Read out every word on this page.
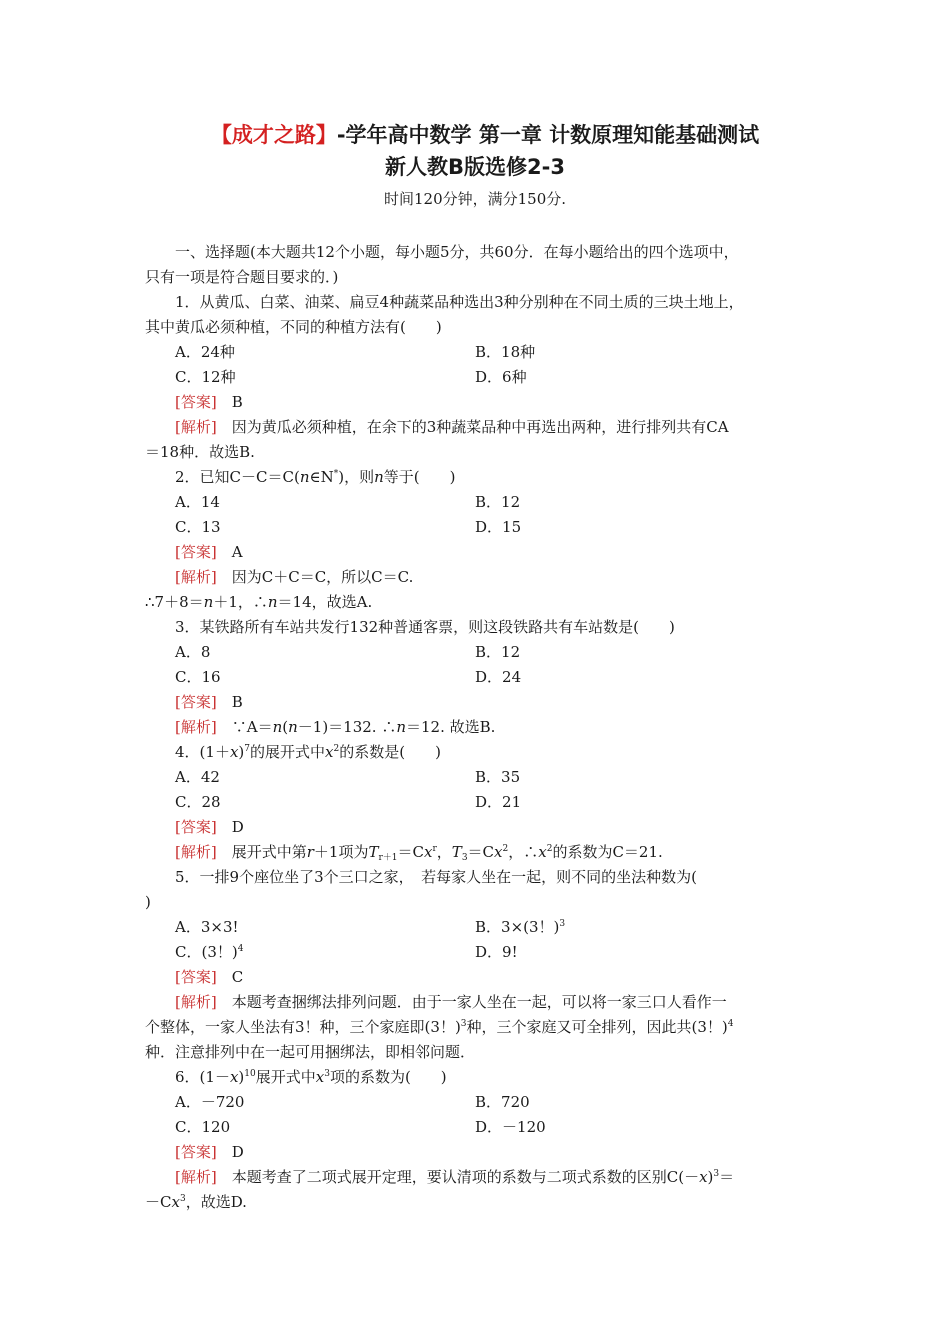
【成才之路】-学年高中数学 第一章 计数原理知能基础测试
新人教B版选修2-3
时间120分钟，满分150分.
一、选择题(本大题共12个小题，每小题5分，共60分．在每小题给出的四个选项中，
只有一项是符合题目要求的．)
1．从黄瓜、白菜、油菜、扁豆4种蔬菜品种选出3种分别种在不同土质的三块土地上，
其中黄瓜必须种植，不同的种植方法有(　　)
A．24种	B．18种
C．12种	D．6种
[答案]　 B
[解析]　 因为黄瓜必须种植，在余下的3种蔬菜品种中再选出两种，进行排列共有CA
＝18种．故选B.
2．已知C－C＝C(n∈N*)，则n等于(　　)
A．14	B．12
C．13	D．15
[答案]　 A
[解析]　 因为C＋C＝C，所以C＝C.
∴7＋8＝n＋1，∴n＝14，故选A.
3．某铁路所有车站共发行132种普通客票，则这段铁路共有车站数是(　　)
A．8	B．12
C．16	D．24
[答案]　 B
[解析]　 ∵A＝n(n－1)＝132. ∴n＝12. 故选B.
4．$(1+x)^7$的展开式中$x^2$的系数是(　　)
A．42	B．35
C．28	D．21
[答案]　 D
[解析]　 展开式中第r＋1项为$T_{r+1}=Cx^r$，$T_3=Cx^2$，$\therefore x^2$的系数为C＝21.
5．一排9个座位坐了3个三口之家，　若每家人坐在一起，则不同的坐法种数为(
)
A．3×3!	B．3×(3！)$^3$
C．(3！)$^4$	D．9!
[答案]　 C
[解析]　 本题考查捆绑法排列问题．由于一家人坐在一起，可以将一家三口人看作一
个整体，一家人坐法有3！种，三个家庭即(3！)$^3$种，三个家庭又可全排列，因此共(3！)$^4$
种．注意排列中在一起可用捆绑法，即相邻问题．
6．$(1-x)^{10}$展开式中$x^3$项的系数为(　　)
A．－720	B．720
C．120	D．－120
[答案]　 D
[解析]　 本题考查了二项式展开定理，要认清项的系数与二项式系数的区别$C(-x)^3=$
$-Cx^3$，故选D.
